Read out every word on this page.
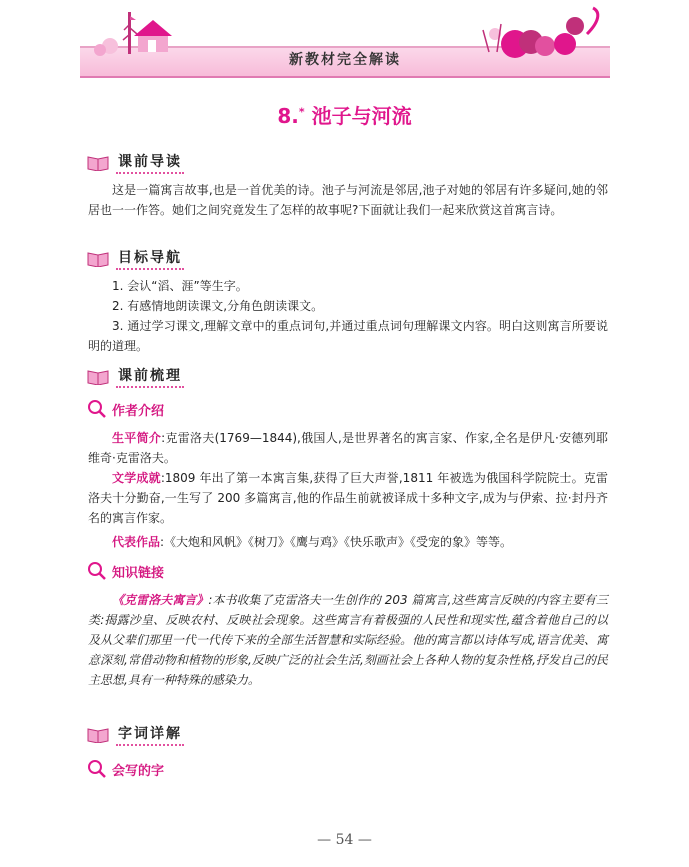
新教材完全解读
8.* 池子与河流
课前导读
这是一篇寓言故事,也是一首优美的诗。池子与河流是邻居,池子对她的邻居有许多疑问,她的邻居也一一作答。她们之间究竟发生了怎样的故事呢?下面就让我们一起来欣赏这首寓言诗。
目标导航
1. 会认“滔、涯”等生字。
2. 有感情地朗读课文,分角色朗读课文。
3. 通过学习课文,理解文章中的重点词句,并通过重点词句理解课文内容。明白这则寓言所要说明的道理。
课前梳理
作者介绍
生平简介:克雷洛夫(1769—1844),俄国人,是世界著名的寓言家、作家,全名是伊凡·安德列耶维奇·克雷洛夫。
文学成就:1809 年出了第一本寓言集,获得了巨大声誉,1811 年被选为俄国科学院院士。克雷洛夫十分勤奋,一生写了 200 多篇寓言,他的作品生前就被译成十多种文字,成为与伊索、拉·封丹齐名的寓言作家。
代表作品:《大炮和风帆》《树刀》《鹰与鸡》《快乐歌声》《受宠的象》等等。
知识链接
《克雷洛夫寓言》:本书收集了克雷洛夫一生创作的 203 篇寓言,这些寓言反映的内容主要有三类:揭露沙皇、反映农村、反映社会现象。这些寓言有着极强的人民性和现实性,蕴含着他自己的以及从父辈们那里一代一代传下来的全部生活智慧和实际经验。他的寓言都以诗体写成,语言优美、寓意深刻,常借动物和植物的形象,反映广泛的社会生活,刻画社会上各种人物的复杂性格,抒发自己的民主思想,具有一种特殊的感染力。
字词详解
会写的字
— 54 —
